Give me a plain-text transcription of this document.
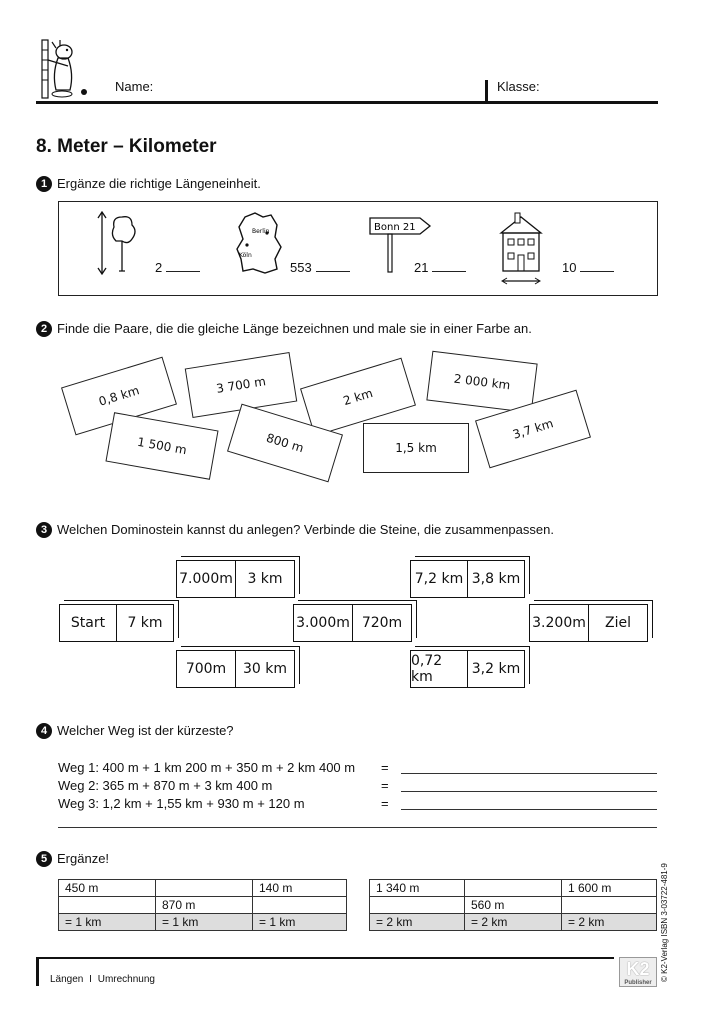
Name:	Klasse:
8. Meter – Kilometer
1 Ergänze die richtige Längeneinheit.
2
Berlin
Köln
553
Bonn 21
21	10
2 Finde die Paare, die die gleiche Länge bezeichnen und male sie in einer Farbe an.
0,8 km	3 700 m
2 km
2 000 km
1 500 m	800 m	1,5 km
3,7 km
3 Welchen Dominostein kannst du anlegen? Verbinde die Steine, die zusammenpassen.
7.000m	3 km	7,2 km 3,8 km
Start	7 km	3.000m 720m	3.200m	Ziel
700m	30 km	0,72 km	3,2 km
4 Welcher Weg ist der kürzeste?
Weg 1: 400 m + 1 km 200 m + 350 m + 2 km 400 m =
Weg 2: 365 m + 870 m + 3 km 400 m	=
Weg 3: 1,2 km + 1,55 km + 930 m + 120 m	=
5 Ergänze!
450 m		140 m
	870 m	
= 1 km	= 1 km	= 1 km
1 340 m		1 600 m
	560 m	
= 2 km	= 2 km	= 2 km
Längen I Umrechnung
K2
Publisher
© K2-Verlag ISBN 3-03722-481-9
